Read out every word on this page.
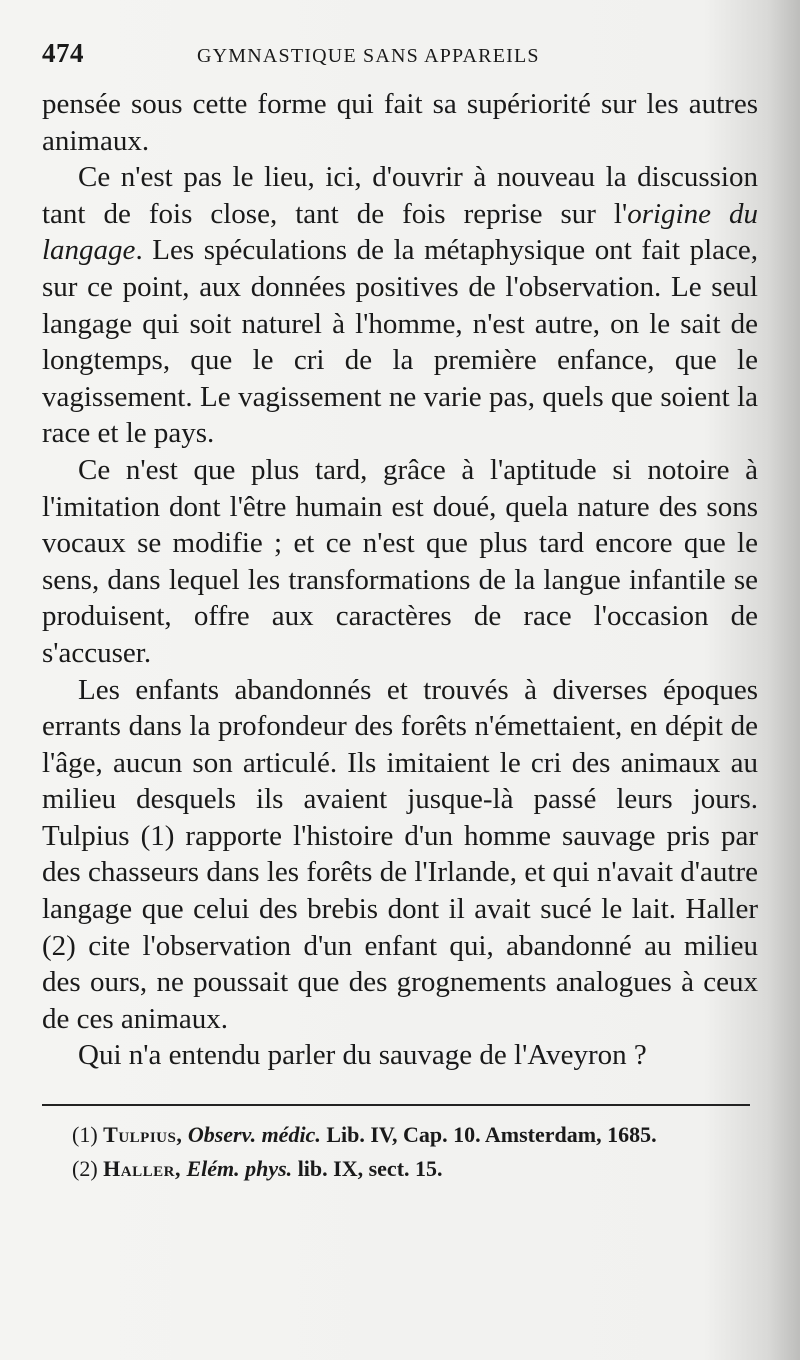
474	GYMNASTIQUE SANS APPAREILS

pensée sous cette forme qui fait sa supériorité sur les autres animaux.

Ce n'est pas le lieu, ici, d'ouvrir à nouveau la discussion tant de fois close, tant de fois reprise sur l'origine du langage. Les spéculations de la métaphysique ont fait place, sur ce point, aux données positives de l'observation. Le seul langage qui soit naturel à l'homme, n'est autre, on le sait de longtemps, que le cri de la première enfance, que le vagissement. Le vagissement ne varie pas, quels que soient la race et le pays.

Ce n'est que plus tard, grâce à l'aptitude si notoire à l'imitation dont l'être humain est doué, quela nature des sons vocaux se modifie ; et ce n'est que plus tard encore que le sens, dans lequel les transformations de la langue infantile se produisent, offre aux caractères de race l'occasion de s'accuser.

Les enfants abandonnés et trouvés à diverses époques errants dans la profondeur des forêts n'émettaient, en dépit de l'âge, aucun son articulé. Ils imitaient le cri des animaux au milieu desquels ils avaient jusque-là passé leurs jours. Tulpius (1) rapporte l'histoire d'un homme sauvage pris par des chasseurs dans les forêts de l'Irlande, et qui n'avait d'autre langage que celui des brebis dont il avait sucé le lait. Haller (2) cite l'observation d'un enfant qui, abandonné au milieu des ours, ne poussait que des grognements analogues à ceux de ces animaux.

Qui n'a entendu parler du sauvage de l'Aveyron ?

(1) Tulpius, Observ. médic. Lib. IV, Cap. 10. Amsterdam, 1685.

(2) Haller, Elém. phys. lib. IX, sect. 15.
